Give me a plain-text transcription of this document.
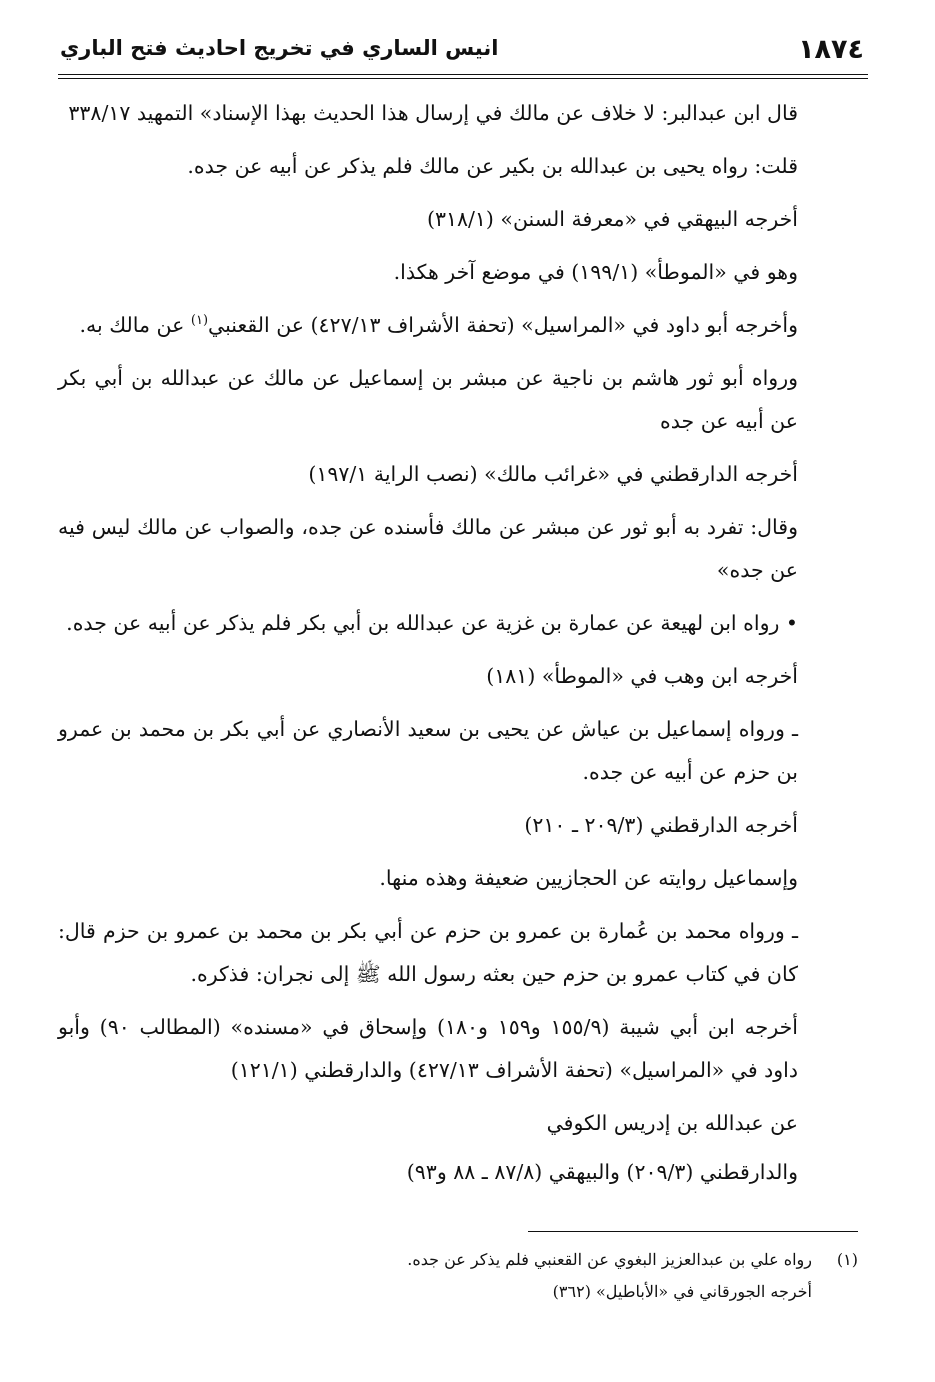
١٨٧٤
انيس الساري في تخريج احاديث فتح الباري

قال ابن عبدالبر: لا خلاف عن مالك في إرسال هذا الحديث بهذا الإسناد» التمهيد ٣٣٨/١٧

قلت: رواه يحيى بن عبدالله بن بكير عن مالك فلم يذكر عن أبيه عن جده.

أخرجه البيهقي في «معرفة السنن» (٣١٨/١)

وهو في «الموطأ» (١٩٩/١) في موضع آخر هكذا.

وأخرجه أبو داود في «المراسيل» (تحفة الأشراف ٤٢٧/١٣) عن القعنبي$^{(١)}$ عن مالك به.

ورواه أبو ثور هاشم بن ناجية عن مبشر بن إسماعيل عن مالك عن عبدالله بن أبي بكر عن أبيه عن جده

أخرجه الدارقطني في «غرائب مالك» (نصب الراية ١٩٧/١)

وقال: تفرد به أبو ثور عن مبشر عن مالك فأسنده عن جده، والصواب عن مالك ليس فيه عن جده»

• رواه ابن لهيعة عن عمارة بن غزية عن عبدالله بن أبي بكر فلم يذكر عن أبيه عن جده.

أخرجه ابن وهب في «الموطأ» (١٨١)

ـ ورواه إسماعيل بن عياش عن يحيى بن سعيد الأنصاري عن أبي بكر بن محمد بن عمرو بن حزم عن أبيه عن جده.

أخرجه الدارقطني (٢٠٩/٣ ـ ٢١٠)

وإسماعيل روايته عن الحجازيين ضعيفة وهذه منها.

ـ ورواه محمد بن عُمارة بن عمرو بن حزم عن أبي بكر بن محمد بن عمرو بن حزم قال: كان في كتاب عمرو بن حزم حين بعثه رسول الله ﷺ إلى نجران: فذكره.

أخرجه ابن أبي شيبة (١٥٥/٩ و١٥٩ و١٨٠) وإسحاق في «مسنده» (المطالب ٩٠) وأبو داود في «المراسيل» (تحفة الأشراف ٤٢٧/١٣) والدارقطني (١٢١/١)

عن عبدالله بن إدريس الكوفي

والدارقطني (٢٠٩/٣) والبيهقي (٨٧/٨ ـ ٨٨ و٩٣)

(١)رواه علي بن عبدالعزيز البغوي عن القعنبي فلم يذكر عن جده.

أخرجه الجورقاني في «الأباطيل» (٣٦٢)
